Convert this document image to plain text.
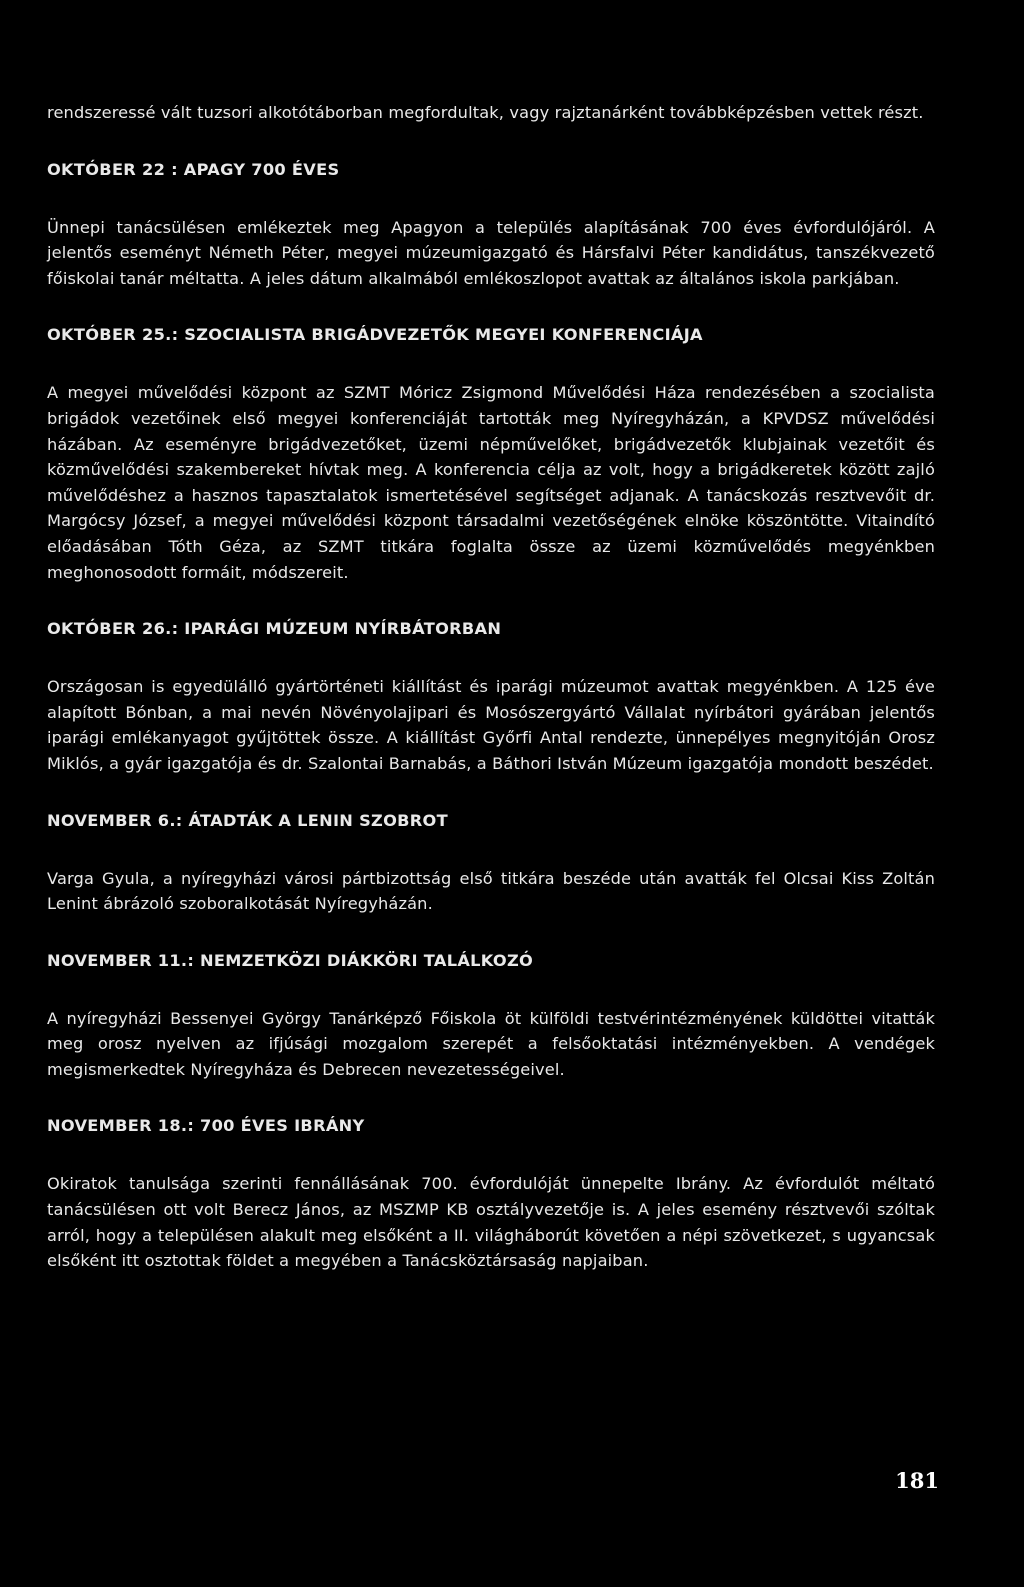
rendszeressé vált tuzsori alkotótáborban megfordultak, vagy rajztanárként továbbképzésben vettek részt.

OKTÓBER 22 : APAGY 700 ÉVES

Ünnepi tanácsülésen emlékeztek meg Apagyon a település alapításának 700 éves évfordulójáról. A jelentős eseményt Németh Péter, megyei múzeumigazgató és Hársfalvi Péter kandidátus, tanszékvezető főiskolai tanár méltatta. A jeles dátum alkalmából emlékoszlopot avattak az általános iskola parkjában.

OKTÓBER 25.: SZOCIALISTA BRIGÁDVEZETŐK MEGYEI KONFERENCIÁJA

A megyei művelődési központ az SZMT Móricz Zsigmond Művelődési Háza rendezésében a szocialista brigádok vezetőinek első megyei konferenciáját tartották meg Nyíregyházán, a KPVDSZ művelődési házában. Az eseményre brigádvezetőket, üzemi népművelőket, brigádvezetők klubjainak vezetőit és közművelődési szakembereket hívtak meg. A konferencia célja az volt, hogy a brigádkeretek között zajló művelődéshez a hasznos tapasztalatok ismertetésével segítséget adjanak. A tanácskozás resztvevőit dr. Margócsy József, a megyei művelődési központ társadalmi vezetőségének elnöke köszöntötte. Vitaindító előadásában Tóth Géza, az SZMT titkára foglalta össze az üzemi közművelődés megyénkben meghonosodott formáit, módszereit.

OKTÓBER 26.: IPARÁGI MÚZEUM NYÍRBÁTORBAN

Országosan is egyedülálló gyártörténeti kiállítást és iparági múzeumot avattak megyénkben. A 125 éve alapított Bónban, a mai nevén Növényolajipari és Mosószergyártó Vállalat nyírbátori gyárában jelentős iparági emlékanyagot gyűjtöttek össze. A kiállítást Győrfi Antal rendezte, ünnepélyes megnyitóján Orosz Miklós, a gyár igazgatója és dr. Szalontai Barnabás, a Báthori István Múzeum igazgatója mondott beszédet.

NOVEMBER 6.: ÁTADTÁK A LENIN SZOBROT

Varga Gyula, a nyíregyházi városi pártbizottság első titkára beszéde után avatták fel Olcsai Kiss Zoltán Lenint ábrázoló szoboralkotását Nyíregyházán.

NOVEMBER 11.: NEMZETKÖZI DIÁKKÖRI TALÁLKOZÓ

A nyíregyházi Bessenyei György Tanárképző Főiskola öt külföldi testvérintézményének küldöttei vitatták meg orosz nyelven az ifjúsági mozgalom szerepét a felsőoktatási intézményekben. A vendégek megismerkedtek Nyíregyháza és Debrecen nevezetességeivel.

NOVEMBER 18.: 700 ÉVES IBRÁNY

Okiratok tanulsága szerinti fennállásának 700. évfordulóját ünnepelte Ibrány. Az évfordulót méltató tanácsülésen ott volt Berecz János, az MSZMP KB osztályvezetője is. A jeles esemény résztvevői szóltak arról, hogy a településen alakult meg elsőként a II. világháborút követően a népi szövetkezet, s ugyancsak elsőként itt osztottak földet a megyében a Tanácsköztársaság napjaiban.

181
